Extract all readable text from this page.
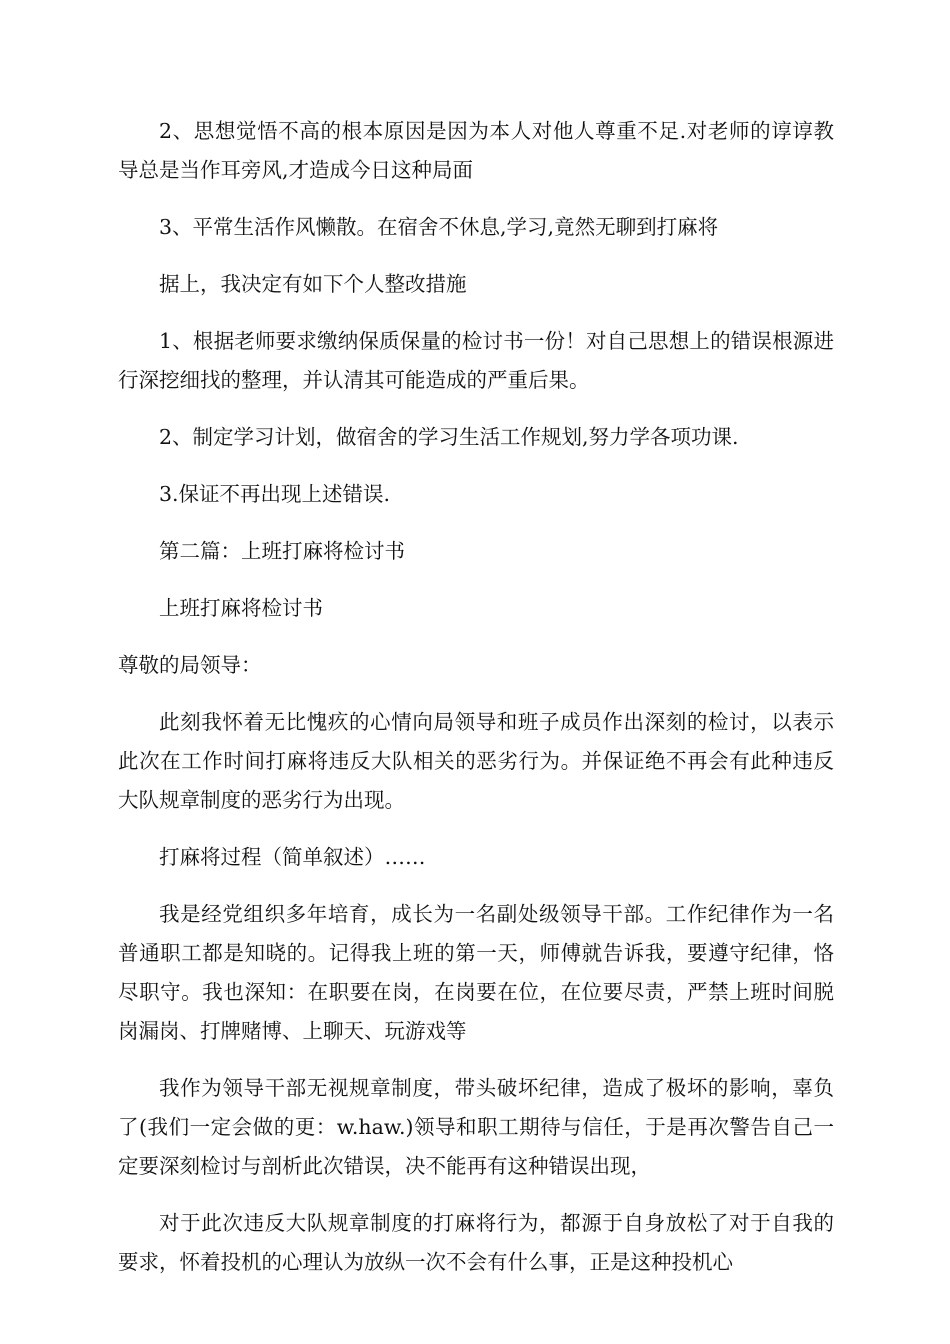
2、思想觉悟不高的根本原因是因为本人对他人尊重不足.对老师的谆谆教导总是当作耳旁风,才造成今日这种局面

3、平常生活作风懒散。在宿舍不休息,学习,竟然无聊到打麻将

据上，我决定有如下个人整改措施

1、根据老师要求缴纳保质保量的检讨书一份！对自己思想上的错误根源进行深挖细找的整理，并认清其可能造成的严重后果。

2、制定学习计划，做宿舍的学习生活工作规划,努力学各项功课.

3.保证不再出现上述错误.

第二篇：上班打麻将检讨书

上班打麻将检讨书

尊敬的局领导：

此刻我怀着无比愧疚的心情向局领导和班子成员作出深刻的检讨，以表示此次在工作时间打麻将违反大队相关的恶劣行为。并保证绝不再会有此种违反大队规章制度的恶劣行为出现。

打麻将过程（简单叙述）……

我是经党组织多年培育，成长为一名副处级领导干部。工作纪律作为一名普通职工都是知晓的。记得我上班的第一天，师傅就告诉我，要遵守纪律，恪尽职守。我也深知：在职要在岗，在岗要在位，在位要尽责，严禁上班时间脱岗漏岗、打牌赌博、上聊天、玩游戏等

我作为领导干部无视规章制度，带头破坏纪律，造成了极坏的影响，辜负了(我们一定会做的更：w.haw.)领导和职工期待与信任，于是再次警告自己一定要深刻检讨与剖析此次错误，决不能再有这种错误出现，

对于此次违反大队规章制度的打麻将行为，都源于自身放松了对于自我的要求，怀着投机的心理认为放纵一次不会有什么事，正是这种投机心
